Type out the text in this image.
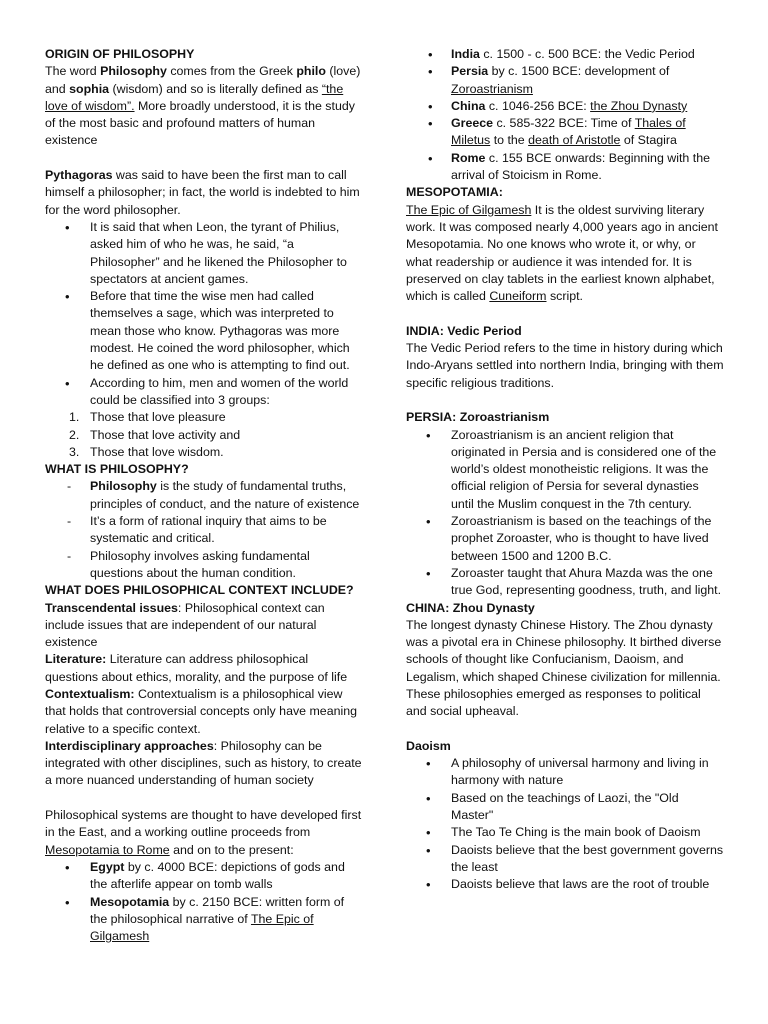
ORIGIN OF PHILOSOPHY

The word Philosophy comes from the Greek philo (love) and sophia (wisdom) and so is literally defined as “the love of wisdom”. More broadly understood, it is the study of the most basic and profound matters of human existence

Pythagoras was said to have been the first man to call himself a philosopher; in fact, the world is indebted to him for the word philosopher.

• It is said that when Leon, the tyrant of Philius, asked him of who he was, he said, “a Philosopher” and he likened the Philosopher to spectators at ancient games.
• Before that time the wise men had called themselves a sage, which was interpreted to mean those who know. Pythagoras was more modest. He coined the word philosopher, which he defined as one who is attempting to find out.
• According to him, men and women of the world could be classified into 3 groups:
1. Those that love pleasure
2. Those that love activity and
3. Those that love wisdom.

WHAT IS PHILOSOPHY?

- Philosophy is the study of fundamental truths, principles of conduct, and the nature of existence
- It’s a form of rational inquiry that aims to be systematic and critical.
- Philosophy involves asking fundamental questions about the human condition.

WHAT DOES PHILOSOPHICAL CONTEXT INCLUDE?

Transcendental issues: Philosophical context can include issues that are independent of our natural existence

Literature: Literature can address philosophical questions about ethics, morality, and the purpose of life

Contextualism: Contextualism is a philosophical view that holds that controversial concepts only have meaning relative to a specific context.

Interdisciplinary approaches: Philosophy can be integrated with other disciplines, such as history, to create a more nuanced understanding of human society

Philosophical systems are thought to have developed first in the East, and a working outline proceeds from Mesopotamia to Rome and on to the present:

• Egypt by c. 4000 BCE: depictions of gods and the afterlife appear on tomb walls
• Mesopotamia by c. 2150 BCE: written form of the philosophical narrative of The Epic of Gilgamesh
• India c. 1500 - c. 500 BCE: the Vedic Period
• Persia by c. 1500 BCE: development of Zoroastrianism
• China c. 1046-256 BCE: the Zhou Dynasty
• Greece c. 585-322 BCE: Time of Thales of Miletus to the death of Aristotle of Stagira
• Rome c. 155 BCE onwards: Beginning with the arrival of Stoicism in Rome.

MESOPOTAMIA:

The Epic of Gilgamesh It is the oldest surviving literary work. It was composed nearly 4,000 years ago in ancient Mesopotamia. No one knows who wrote it, or why, or what readership or audience it was intended for. It is preserved on clay tablets in the earliest known alphabet, which is called Cuneiform script.

INDIA: Vedic Period

The Vedic Period refers to the time in history during which Indo-Aryans settled into northern India, bringing with them specific religious traditions.

PERSIA: Zoroastrianism

• Zoroastrianism is an ancient religion that originated in Persia and is considered one of the world’s oldest monotheistic religions. It was the official religion of Persia for several dynasties until the Muslim conquest in the 7th century.
• Zoroastrianism is based on the teachings of the prophet Zoroaster, who is thought to have lived between 1500 and 1200 B.C.
• Zoroaster taught that Ahura Mazda was the one true God, representing goodness, truth, and light.

CHINA: Zhou Dynasty

The longest dynasty Chinese History. The Zhou dynasty was a pivotal era in Chinese philosophy. It birthed diverse schools of thought like Confucianism, Daoism, and Legalism, which shaped Chinese civilization for millennia. These philosophies emerged as responses to political and social upheaval.

Daoism

• A philosophy of universal harmony and living in harmony with nature
• Based on the teachings of Laozi, the "Old Master"
• The Tao Te Ching is the main book of Daoism
• Daoists believe that the best government governs the least
• Daoists believe that laws are the root of trouble
